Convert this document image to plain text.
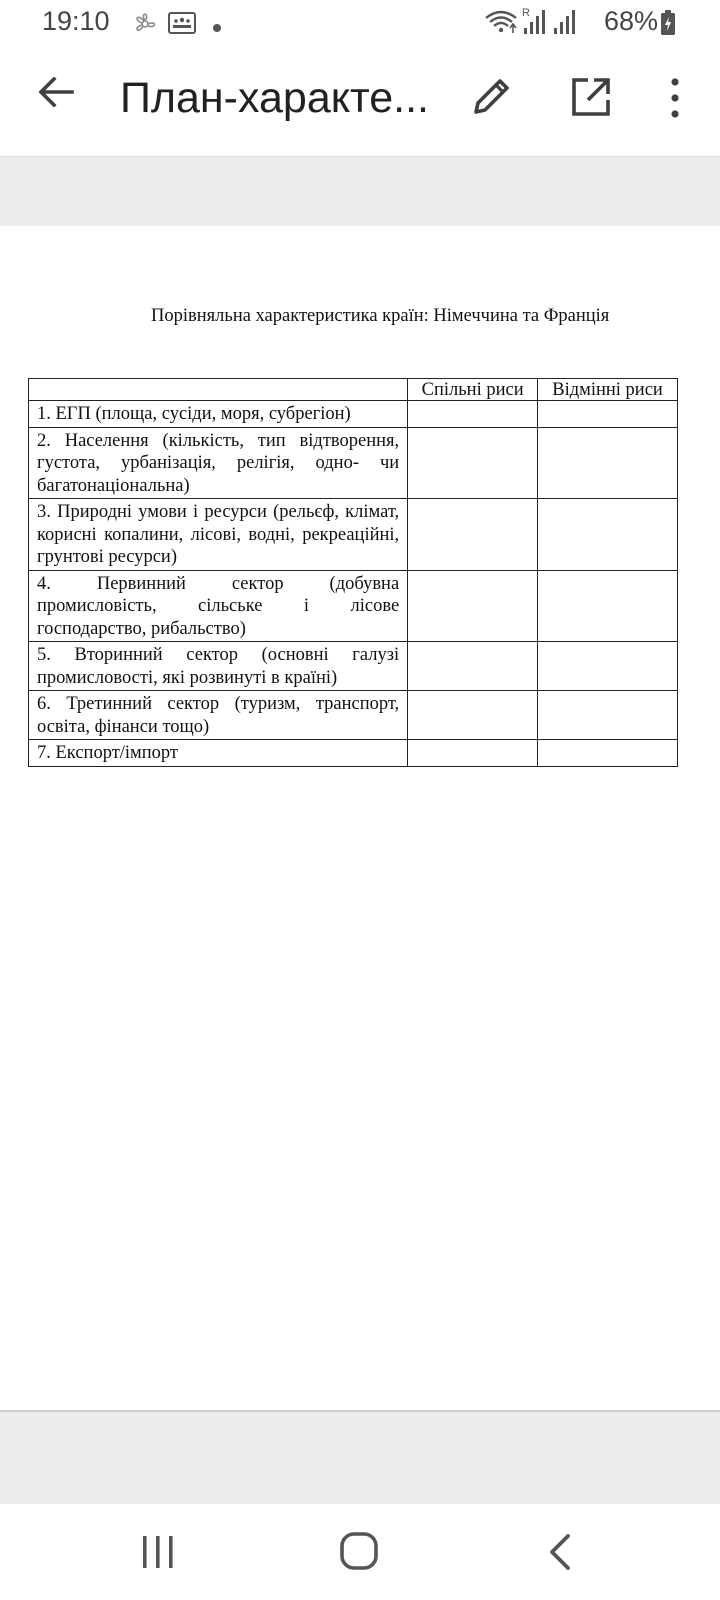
19:10	R	68%
План-характе...
Порівняльна характеристика країн: Німеччина та Франція
	Спільні риси	Відмінні риси
1. ЕГП (площа, сусіди, моря, субрегіон)		
2. Населення (кількість, тип відтворення, густота, урбанізація, релігія, одно- чи багатонаціональна)		
3. Природні умови і ресурси (рельєф, клімат, корисні копалини, лісові, водні, рекреаційні, грунтові ресурси)		
4. Первинний сектор (добувна промисловість, сільське і лісове господарство, рибальство)		
5. Вторинний сектор (основні галузі промисловості, які розвинуті в країні)		
6. Третинний сектор (туризм, транспорт, освіта, фінанси тощо)		
7. Експорт/імпорт		
